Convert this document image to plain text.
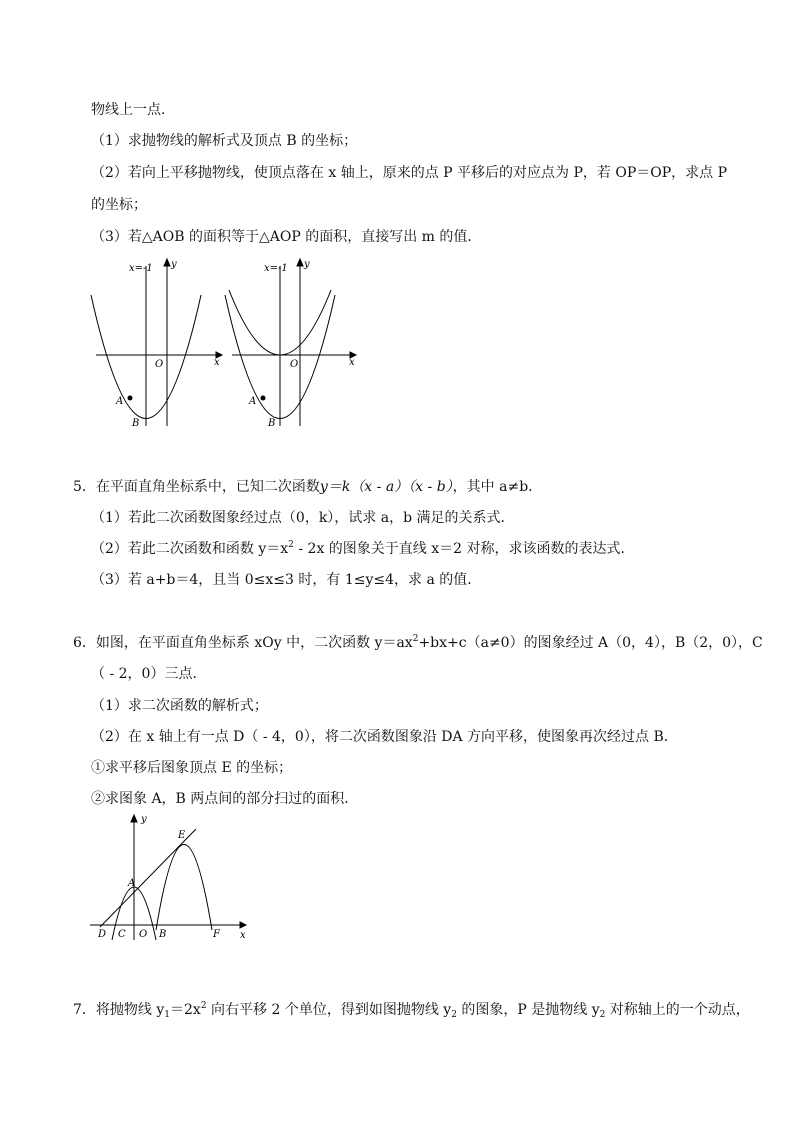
物线上一点．
（1）求抛物线的解析式及顶点 B 的坐标；
（2）若向上平移抛物线，使顶点落在 x 轴上，原来的点 P 平移后的对应点为 P，若 OP＝OP，求点 P
的坐标；
（3）若△AOB 的面积等于△AOP 的面积，直接写出 m 的值．
x=-1 y
x
O
A
B
x=-1 y
x
O
A
B
5．在平面直角坐标系中，已知二次函数y＝k（x - a）（x - b），其中 a≠b．
（1）若此二次函数图象经过点（0，k），试求 a，b 满足的关系式．
（2）若此二次函数和函数 $y=x^2 - 2x$ 的图象关于直线 x＝2 对称，求该函数的表达式．
（3）若 a+b＝4，且当 0≤x≤3 时，有 1≤y≤4，求 a 的值．
6．如图，在平面直角坐标系 xOy 中，二次函数 $y=ax^2+bx+c(a\ne 0)$的图象经过 A（0，4），B（2，0），C
（ - 2，0）三点．
（1）求二次函数的解析式；
（2）在 x 轴上有一点 D（ - 4，0），将二次函数图象沿 DA 方向平移，使图象再次经过点 B．
①求平移后图象顶点 E 的坐标；
②求图象 A，B 两点间的部分扫过的面积．
y
x
E
A
D C O B	F
7．将抛物线 $y_1=2x^2$ 向右平移 2 个单位，得到如图抛物线 $y_2$ 的图象，P 是抛物线 $y_2$ 对称轴上的一个动点，
